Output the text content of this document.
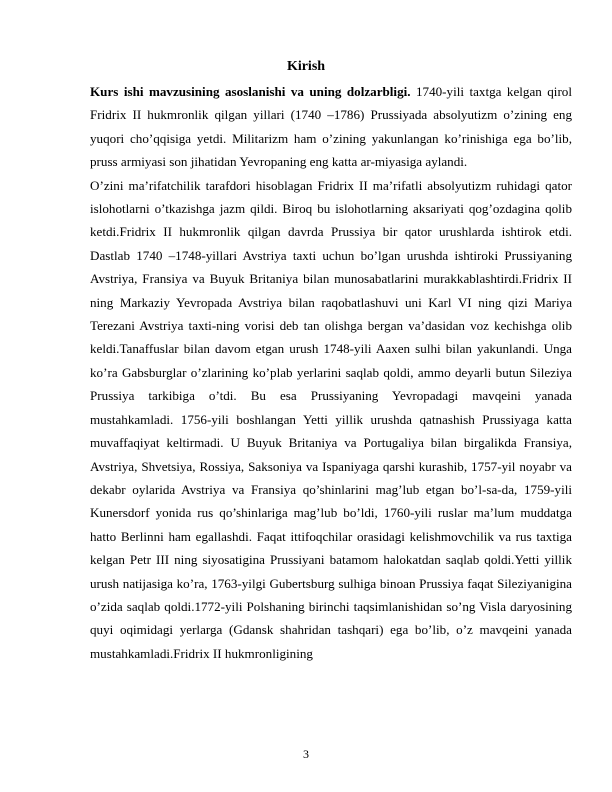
Kirish

Kurs ishi mavzusining asoslanishi va uning dolzarbligi. 1740-yili taxtga kelgan qirol Fridrix II hukmronlik qilgan yillari (1740 –1786) Prussiyada absolyutizm o’zining eng yuqori cho’qqisiga yetdi. Militarizm ham o’zining yakunlangan ko’rinishiga ega bo’lib, pruss armiyasi son jihatidan Yevropaning eng katta ar-miyasiga aylandi.

O’zini ma’rifatchilik tarafdori hisoblagan Fridrix II ma’rifatli absolyutizm ruhidagi qator islohotlarni o’tkazishga jazm qildi. Biroq bu islohotlarning aksariyati qog’ozdagina qolib ketdi.Fridrix II hukmronlik qilgan davrda Prussiya bir qator urushlarda ishtirok etdi. Dastlab 1740 –1748-yillari Avstriya taxti uchun bo’lgan urushda ishtiroki Prussiyaning Avstriya, Fransiya va Buyuk Britaniya bilan munosabatlarini murakkablashtirdi.Fridrix II ning Markaziy Yevropada Avstriya bilan raqobatlashuvi uni Karl VI ning qizi Mariya Terezani Avstriya taxti-ning vorisi deb tan olishga bergan va’dasidan voz kechishga olib keldi.Tanaffuslar bilan davom etgan urush 1748-yili Aaxen sulhi bilan yakunlandi. Unga ko’ra Gabsburglar o’zlarining ko’plab yerlarini saqlab qoldi, ammo deyarli butun Sileziya Prussiya tarkibiga o’tdi. Bu esa Prussiyaning Yevropadagi mavqeini yanada mustahkamladi. 1756-yili boshlangan Yetti yillik urushda qatnashish Prussiyaga katta muvaffaqiyat keltirmadi. U Buyuk Britaniya va Portugaliya bilan birgalikda Fransiya, Avstriya, Shvetsiya, Rossiya, Saksoniya va Ispaniyaga qarshi kurashib, 1757-yil noyabr va dekabr oylarida Avstriya va Fransiya qo’shinlarini mag’lub etgan bo’l-sa-da, 1759-yili Kunersdorf yonida rus qo’shinlariga mag’lub bo’ldi, 1760-yili ruslar ma’lum muddatga hatto Berlinni ham egallashdi. Faqat ittifoqchilar orasidagi kelishmovchilik va rus taxtiga kelgan Petr III ning siyosatigina Prussiyani batamom halokatdan saqlab qoldi.Yetti yillik urush natijasiga ko’ra, 1763-yilgi Gubertsburg sulhiga binoan Prussiya faqat Sileziyanigina o’zida saqlab qoldi.1772-yili Polshaning birinchi taqsimlanishidan so’ng Visla daryosining quyi oqimidagi yerlarga (Gdansk shahridan tashqari) ega bo’lib, o’z mavqeini yanada mustahkamladi.Fridrix II hukmronligining

3
